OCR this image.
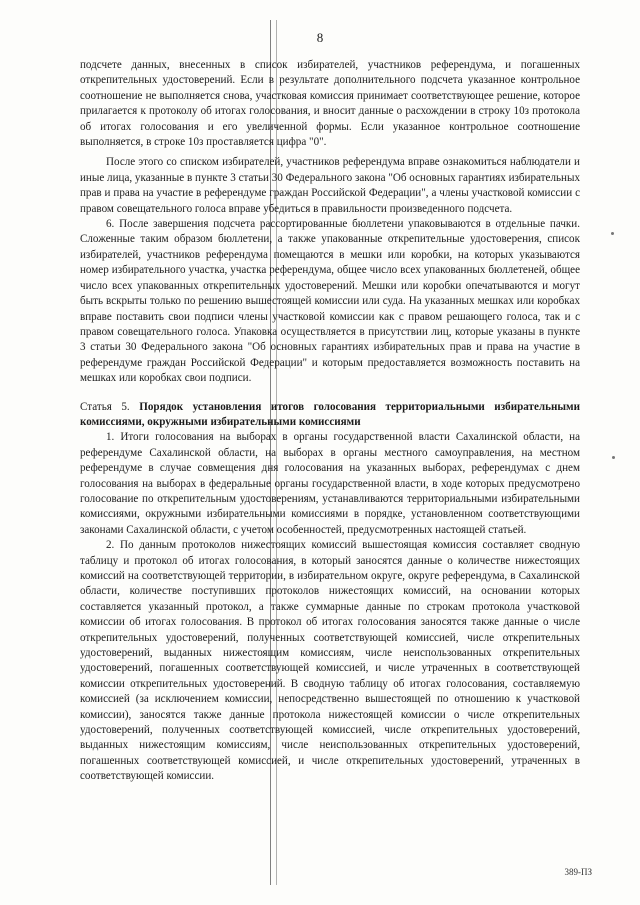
8

подсчете данных, внесенных в список избирателей, участников референдума, и погашенных открепительных удостоверений. Если в результате дополнительного подсчета указанное контрольное соотношение не выполняется снова, участковая комиссия принимает соответствующее решение, которое прилагается к протоколу об итогах голосования, и вносит данные о расхождении в строку 10з протокола об итогах голосования и его увеличенной формы. Если указанное контрольное соотношение выполняется, в строке 10з проставляется цифра "0".

После этого со списком избирателей, участников референдума вправе ознакомиться наблюдатели и иные лица, указанные в пункте 3 статьи 30 Федерального закона "Об основных гарантиях избирательных прав и права на участие в референдуме граждан Российской Федерации", а члены участковой комиссии с правом совещательного голоса вправе убедиться в правильности произведенного подсчета.

6. После завершения подсчета рассортированные бюллетени упаковываются в отдельные пачки. Сложенные таким образом бюллетени, а также упакованные открепительные удостоверения, список избирателей, участников референдума помещаются в мешки или коробки, на которых указываются номер избирательного участка, участка референдума, общее число всех упакованных бюллетеней, общее число всех упакованных открепительных удостоверений. Мешки или коробки опечатываются и могут быть вскрыты только по решению вышестоящей комиссии или суда. На указанных мешках или коробках вправе поставить свои подписи члены участковой комиссии как с правом решающего голоса, так и с правом совещательного голоса. Упаковка осуществляется в присутствии лиц, которые указаны в пункте 3 статьи 30 Федерального закона "Об основных гарантиях избирательных прав и права на участие в референдуме граждан Российской Федерации" и которым предоставляется возможность поставить на мешках или коробках свои подписи.

Статья 5. Порядок установления итогов голосования территориальными избирательными комиссиями, окружными избирательными комиссиями

1. Итоги голосования на выборах в органы государственной власти Сахалинской области, на референдуме Сахалинской области, на выборах в органы местного самоуправления, на местном референдуме в случае совмещения дня голосования на указанных выборах, референдумах с днем голосования на выборах в федеральные органы государственной власти, в ходе которых предусмотрено голосование по открепительным удостоверениям, устанавливаются территориальными избирательными комиссиями, окружными избирательными комиссиями в порядке, установленном соответствующими законами Сахалинской области, с учетом особенностей, предусмотренных настоящей статьей.

2. По данным протоколов нижестоящих комиссий вышестоящая комиссия составляет сводную таблицу и протокол об итогах голосования, в который заносятся данные о количестве нижестоящих комиссий на соответствующей территории, в избирательном округе, округе референдума, в Сахалинской области, количестве поступивших протоколов нижестоящих комиссий, на основании которых составляется указанный протокол, а также суммарные данные по строкам протокола участковой комиссии об итогах голосования. В протокол об итогах голосования заносятся также данные о числе открепительных удостоверений, полученных соответствующей комиссией, числе открепительных удостоверений, выданных нижестоящим комиссиям, числе неиспользованных открепительных удостоверений, погашенных соответствующей комиссией, и числе утраченных в соответствующей комиссии открепительных удостоверений. В сводную таблицу об итогах голосования, составляемую комиссией (за исключением комиссии, непосредственно вышестоящей по отношению к участковой комиссии), заносятся также данные протокола нижестоящей комиссии о числе открепительных удостоверений, полученных соответствующей комиссией, числе открепительных удостоверений, выданных нижестоящим комиссиям, числе неиспользованных открепительных удостоверений, погашенных соответствующей комиссией, и числе открепительных удостоверений, утраченных в соответствующей комиссии.

389-ПЗ
